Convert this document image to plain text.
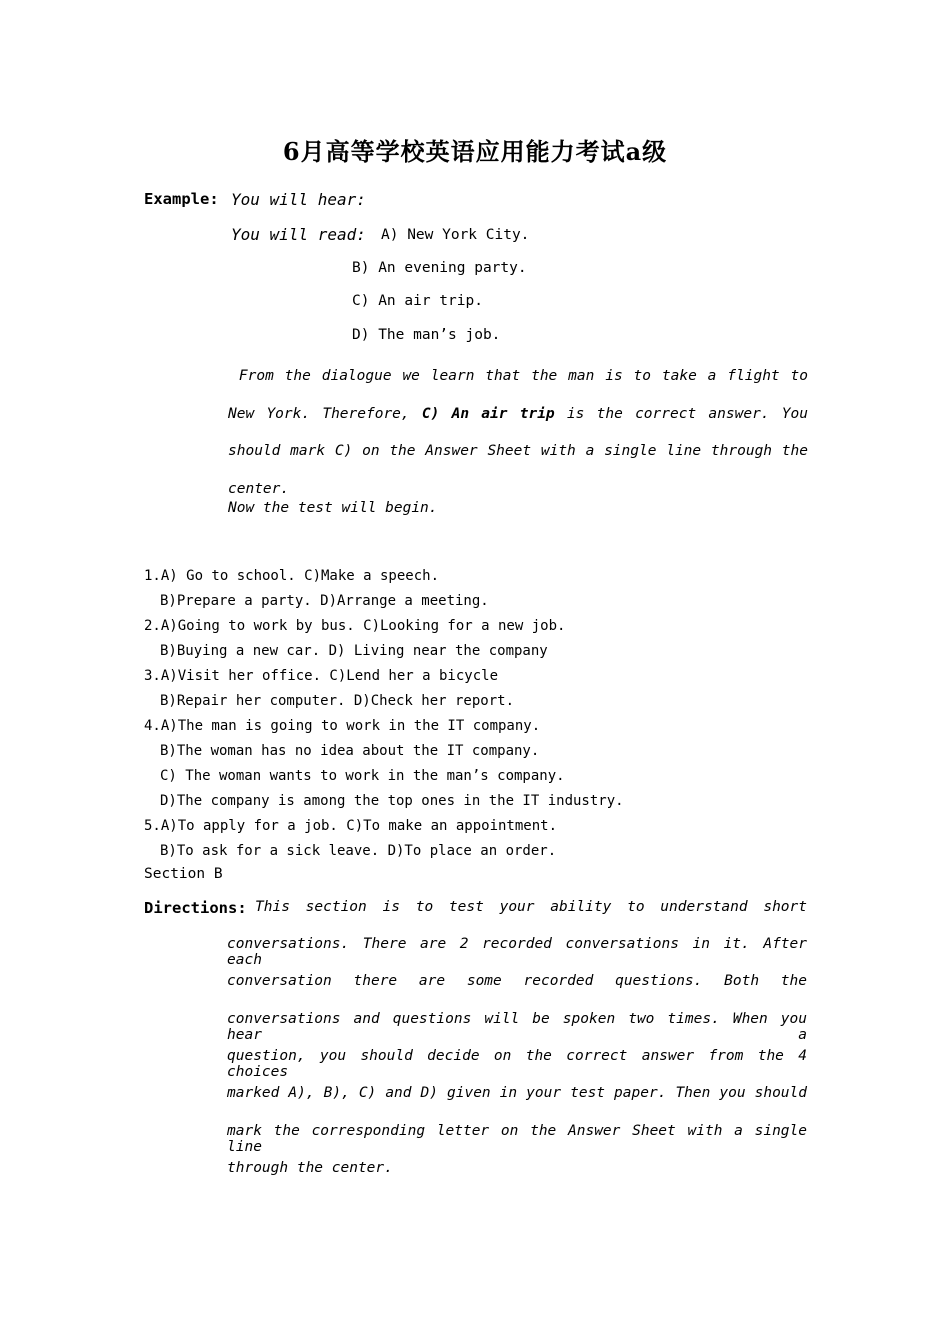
6月高等学校英语应用能力考试a级
Example: You will hear:
You will read: A) New York City.
B) An evening party.
C) An air trip.
D) The man’s job.
From the dialogue we learn that the man is to take a flight to New York. Therefore, C) An air trip is the correct answer. You should mark C) on the Answer Sheet with a single line through the center.
Now the test will begin.
1.A) Go to school. C)Make a speech.
B)Prepare a party. D)Arrange a meeting.
2.A)Going to work by bus. C)Looking for a new job.
B)Buying a new car. D) Living near the company
3.A)Visit her office. C)Lend her a bicycle
B)Repair her computer. D)Check her report.
4.A)The man is going to work in the IT company.
B)The woman has no idea about the IT company.
C) The woman wants to work in the man’s company.
D)The company is among the top ones in the IT industry.
5.A)To apply for a job. C)To make an appointment.
B)To ask for a sick leave. D)To place an order.
Section B
Directions: This section is to test your ability to understand short
conversations. There are 2 recorded conversations in it. After each
conversation there are some recorded questions. Both the
conversations and questions will be spoken two times. When you hear a
question, you should decide on the correct answer from the 4 choices
marked A), B), C) and D) given in your test paper. Then you should
mark the corresponding letter on the Answer Sheet with a single line
through the center.
